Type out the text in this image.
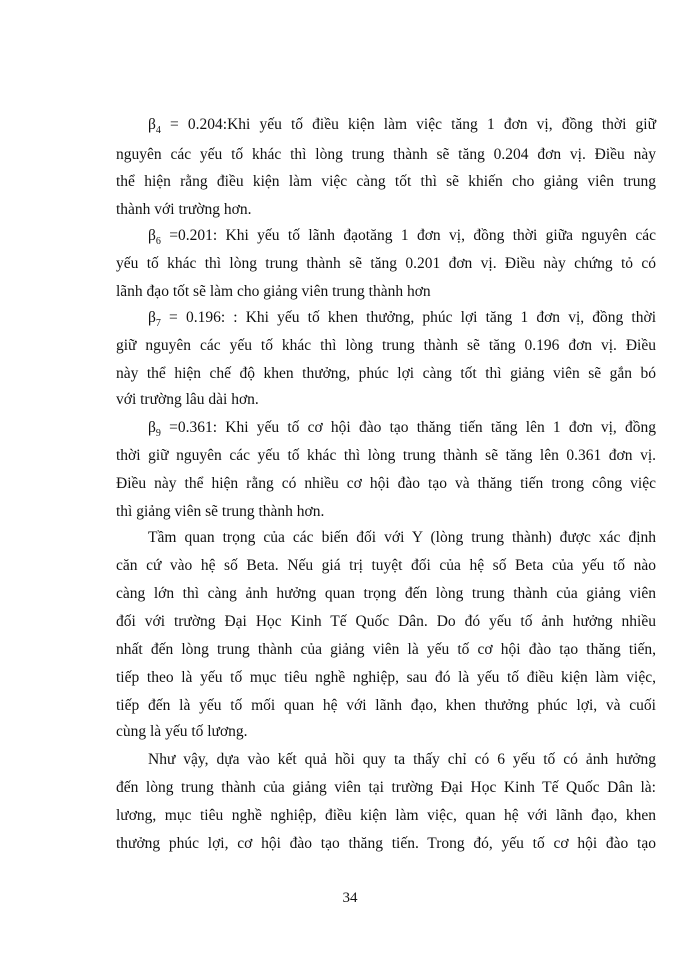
$\beta_4$ = 0.204:Khi yếu tố điều kiện làm việc tăng 1 đơn vị, đồng thời giữ
nguyên các yếu tố khác thì lòng trung thành sẽ tăng 0.204 đơn vị. Điều này
thể hiện rằng điều kiện làm việc càng tốt thì sẽ khiến cho giảng viên trung
thành với trường hơn.
$\beta_6 =0.201$: Khi yếu tố lãnh đạotăng 1 đơn vị, đồng thời giữa nguyên các
yếu tố khác thì lòng trung thành sẽ tăng 0.201 đơn vị. Điều này chứng tỏ có
lãnh đạo tốt sẽ làm cho giảng viên trung thành hơn
$\beta_7 = 0.196$: : Khi yếu tố khen thưởng, phúc lợi tăng 1 đơn vị, đồng thời
giữ nguyên các yếu tố khác thì lòng trung thành sẽ tăng 0.196 đơn vị. Điều
này thể hiện chế độ khen thưởng, phúc lợi càng tốt thì giảng viên sẽ gắn bó
với trường lâu dài hơn.
$\beta_9 =0.361$: Khi yếu tố cơ hội đào tạo thăng tiến tăng lên 1 đơn vị, đồng
thời giữ nguyên các yếu tố khác thì lòng trung thành sẽ tăng lên 0.361 đơn vị.
Điều này thể hiện rằng có nhiều cơ hội đào tạo và thăng tiến trong công việc
thì giảng viên sẽ trung thành hơn.
Tầm quan trọng của các biến đối với Y (lòng trung thành) được xác định
căn cứ vào hệ số Beta. Nếu giá trị tuyệt đối của hệ số Beta của yếu tố nào
càng lớn thì càng ảnh hưởng quan trọng đến lòng trung thành của giảng viên
đối với trường Đại Học Kinh Tế Quốc Dân. Do đó yếu tố ảnh hưởng nhiều
nhất đến lòng trung thành của giảng viên là yếu tố cơ hội đào tạo thăng tiến,
tiếp theo là yếu tố mục tiêu nghề nghiệp, sau đó là yếu tố điều kiện làm việc,
tiếp đến là yếu tố mối quan hệ với lãnh đạo, khen thưởng phúc lợi, và cuối
cùng là yếu tố lương.
Như vậy, dựa vào kết quả hồi quy ta thấy chỉ có 6 yếu tố có ảnh hưởng
đến lòng trung thành của giảng viên tại trường Đại Học Kinh Tế Quốc Dân là:
lương, mục tiêu nghề nghiệp, điều kiện làm việc, quan hệ với lãnh đạo, khen
thưởng phúc lợi, cơ hội đào tạo thăng tiến. Trong đó, yếu tố cơ hội đào tạo
34
